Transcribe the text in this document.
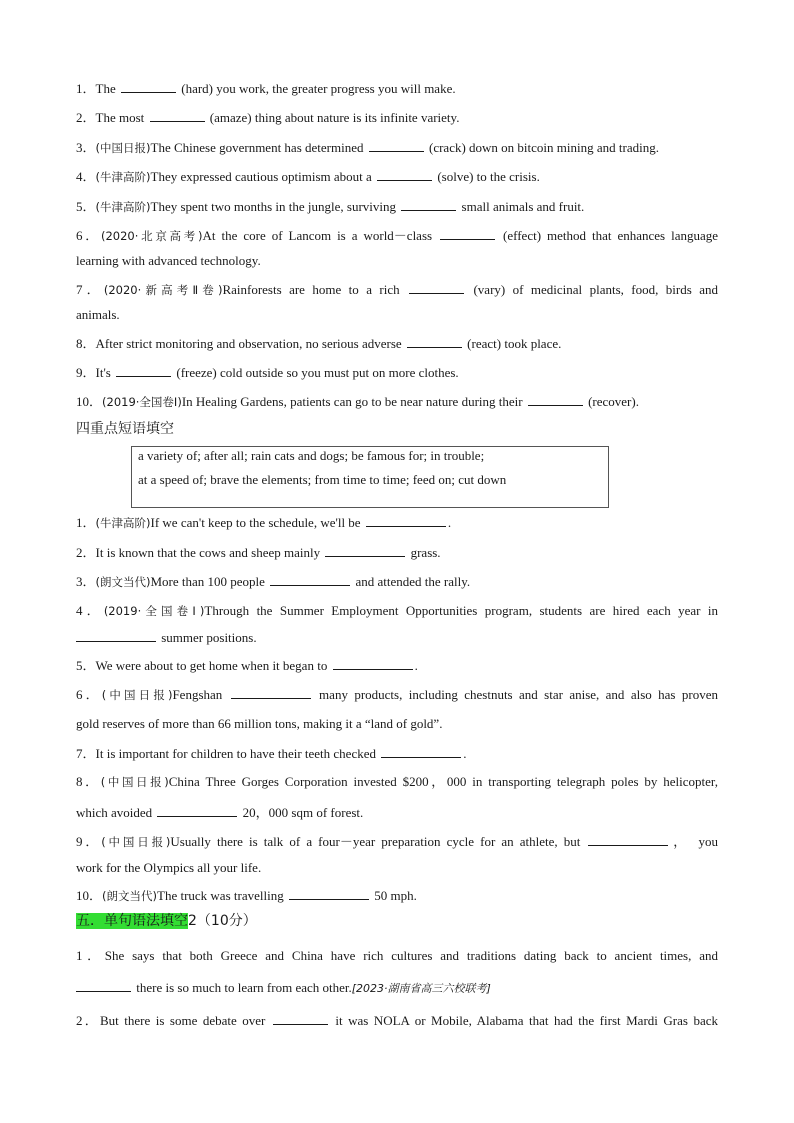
1．The	(hard) you work, the greater progress you will make.
2．The most	(amaze) thing about nature is its infinite variety.
3．(中国日报)The Chinese government has determined	(crack) down on bitcoin mining and trading.
4．(牛津高阶)They expressed cautious optimism about a	(solve) to the crisis.
5．(牛津高阶)They spent two months in the jungle, surviving	small animals and fruit.
6．(2020·北京高考)At the core of Lancom is a world－class	(effect) method that enhances language
learning with advanced technology.
7．(2020·新高考Ⅱ卷)Rainforests are home to a rich	(vary) of medicinal plants, food, birds and
animals.
8．After strict monitoring and observation, no serious adverse	(react) took place.
9．It's	(freeze) cold outside so you must put on more clothes.
10．(2019·全国卷Ⅰ)In Healing Gardens, patients can go to be near nature during their	(recover).
四重点短语填空
a variety of; after all; rain cats and dogs; be famous for; in trouble;
at a speed of; brave the elements; from time to time; feed on; cut down
1．(牛津高阶)If we can't keep to the schedule, we'll be	.
2．It is known that the cows and sheep mainly	grass.
3．(朗文当代)More than 100 people	and attended the rally.
4．(2019·全国卷Ⅰ)Through the Summer Employment Opportunities program, students are hired each year in
summer positions.
5．We were about to get home when it began to	.
6．(中国日报)Fengshan	many products, including chestnuts and star anise, and also has proven
gold reserves of more than 66 million tons, making it a “land of gold”.
7．It is important for children to have their teeth checked	.
8．(中国日报)China Three Gorges Corporation invested $200，000 in transporting telegraph poles by helicopter,
which avoided	20，000 sqm of forest.
9．(中国日报)Usually there is talk of a four－year preparation cycle for an athlete, but	，　you
work for the Olympics all your life.
10．(朗文当代)The truck was travelling	50 mph.
五．单句语法填空2（10分）
1．She says that both Greece and China have rich cultures and traditions dating back to ancient times, and
there is so much to learn from each other.[2023·湖南省高三六校联考]
2．But there is some debate over	it was NOLA or Mobile, Alabama that had the first Mardi Gras back
